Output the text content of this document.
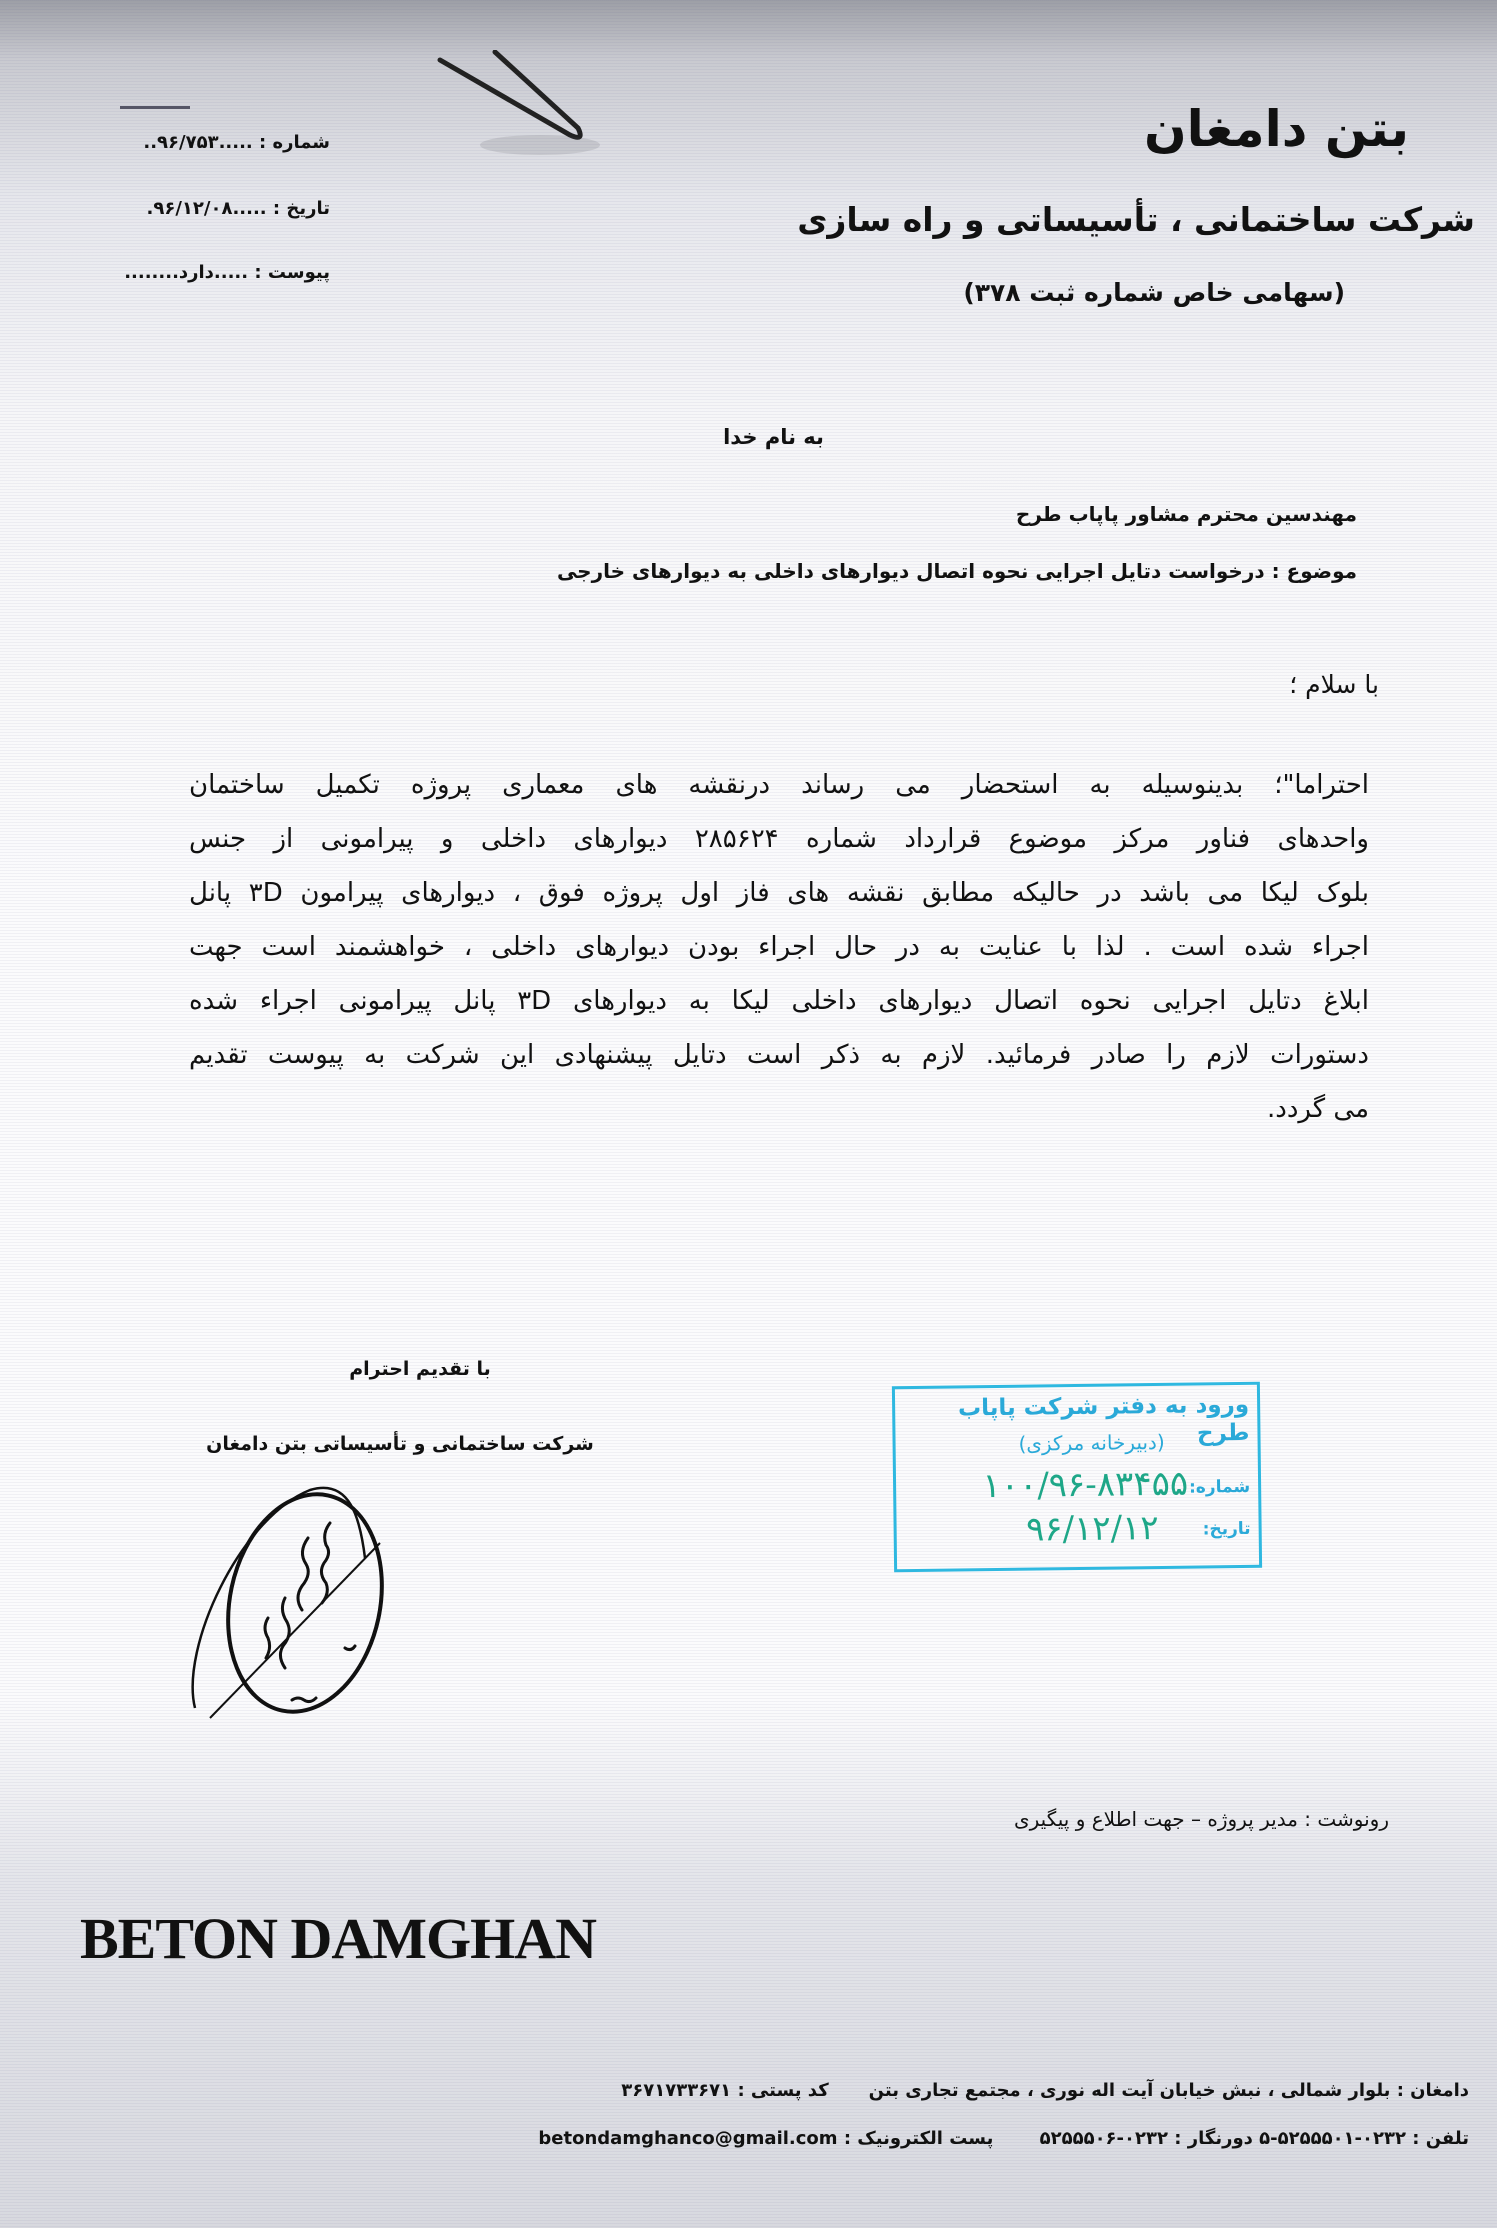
بتن دامغان
شرکت ساختمانی ، تأسیساتی و راه سازی
(سهامی خاص شماره ثبت ۳۷۸)
شماره : .....۹۶/۷۵۳..
تاریخ : .....۹۶/۱۲/۰۸.
پیوست : .....دارد........
به نام خدا
مهندسین محترم مشاور پاپاب طرح
موضوع : درخواست دتایل اجرایی نحوه اتصال دیوارهای داخلی به دیوارهای خارجی
با سلام ؛
احتراما"؛ بدینوسیله به استحضار می رساند درنقشه های معماری پروژه تکمیل ساختمان
واحدهای فناور مرکز موضوع قرارداد شماره ۲۸۵۶۲۴ دیوارهای داخلی و پیرامونی از جنس
بلوک لیکا می باشد در حالیکه مطابق نقشه های فاز اول پروژه فوق ، دیوارهای پیرامون ۳D پانل
اجراء شده است . لذا با عنایت به در حال اجراء بودن دیوارهای داخلی ، خواهشمند است جهت
ابلاغ دتایل اجرایی نحوه اتصال دیوارهای داخلی لیکا به دیوارهای ۳D پانل پیرامونی اجراء شده
دستورات لازم را صادر فرمائید. لازم به ذکر است دتایل پیشنهادی این شرکت به پیوست تقدیم
می گردد.
با تقدیم احترام
شرکت ساختمانی و تأسیساتی بتن دامغان
ورود به دفتر شرکت پاپاب طرح
(دبیرخانه مرکزی)
شماره:
۱۰۰/۹۶-۸۳۴۵۵
تاریخ:
۹۶/۱۲/۱۲
رونوشت : مدیر پروژه – جهت اطلاع و پیگیری
BETON DAMGHAN
دامغان : بلوار شمالی ، نبش خیابان آیت اله نوری ، مجتمع تجاری بتنکد پستی : ۳۶۷۱۷۳۳۶۷۱
تلفن : ۰۲۳۲-۵۲۵۵۵۰۱-۵ دورنگار : ۰۲۳۲-۵۲۵۵۵۰۶ پست الکترونیک : betondamghanco@gmail.com
